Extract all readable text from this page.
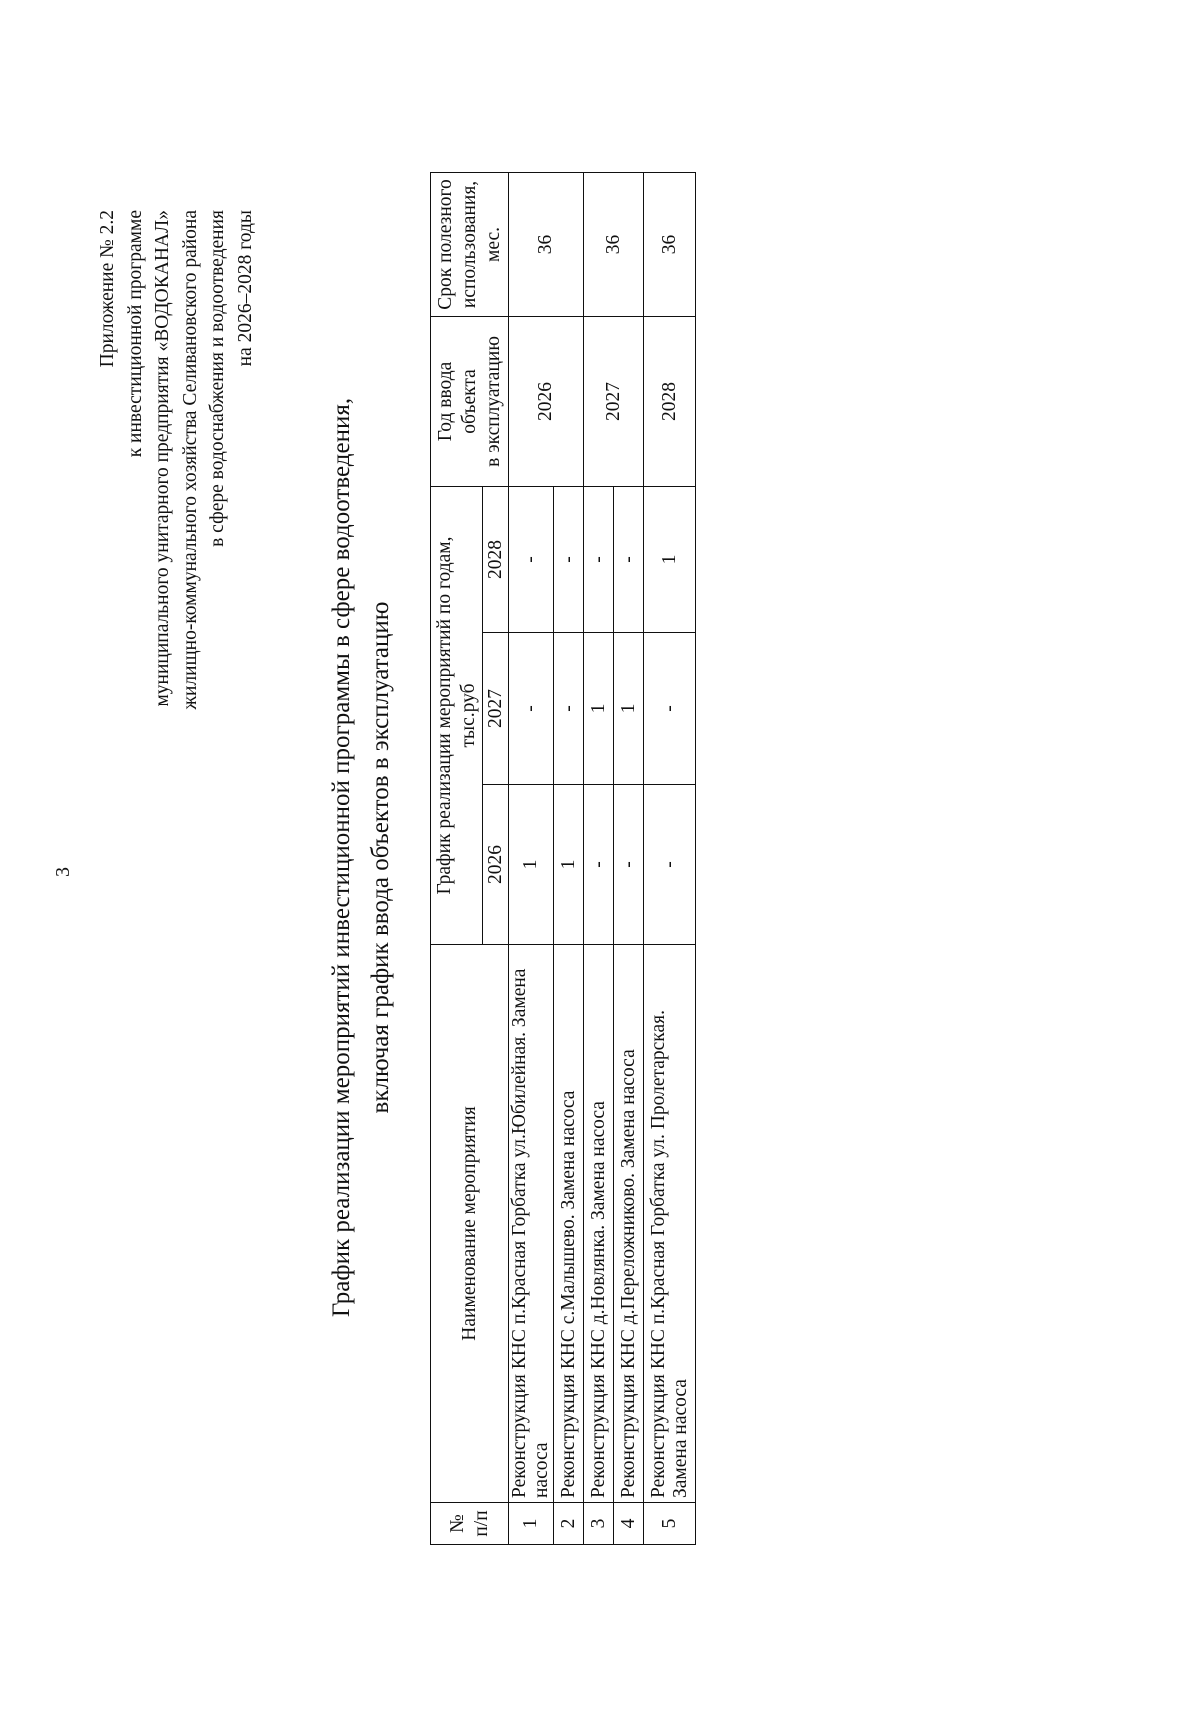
3
Приложение № 2.2 к инвестиционной программе муниципального унитарного предприятия «ВОДОКАНАЛ» жилищно-коммунального хозяйства Селивановского района в сфере водоснабжения и водоотведения на 2026–2028 годы
График реализации мероприятий инвестиционной программы в сфере водоотведения, включая график ввода объектов в эксплуатацию
№ п/п	Наименование мероприятия	График реализации мероприятий по годам, тыс.руб			Год ввода объекта в эксплуатацию	Срок полезного использования, мес.

		2026	2027	2028		
1	Реконструкция КНС п.Красная Горбатка ул.Юбилейная. Замена насоса	1	-	-	2026	36
2	Реконструкция КНС с.Малышево. Замена насоса	1	-	-		
3	Реконструкция КНС д.Новлянка. Замена насоса	-	1	-	2027	36
4	Реконструкция КНС д.Переложниково. Замена насоса	-	1	-		
5	Реконструкция КНС п.Красная Горбатка ул. Пролетарская. Замена насоса	-	-	1	2028	36
